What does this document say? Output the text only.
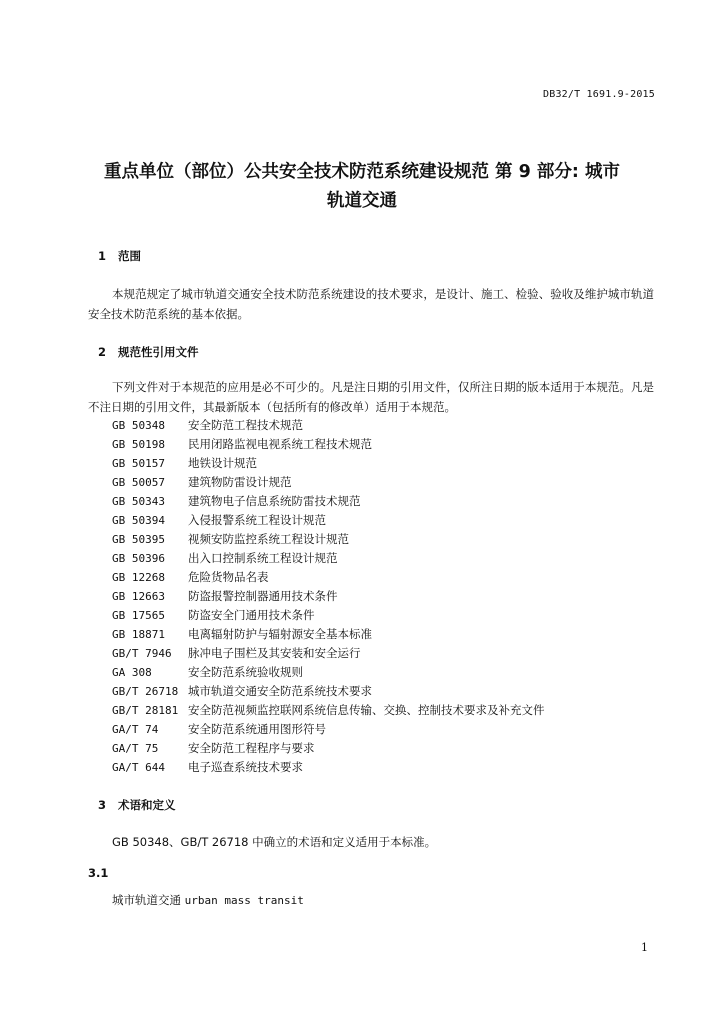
DB32/T 1691.9-2015
重点单位（部位）公共安全技术防范系统建设规范 第 9 部分: 城市
轨道交通
1 范围
本规范规定了城市轨道交通安全技术防范系统建设的技术要求，是设计、施工、检验、验收及维护城市轨道安全技术防范系统的基本依据。
2 规范性引用文件
下列文件对于本规范的应用是必不可少的。凡是注日期的引用文件，仅所注日期的版本适用于本规范。凡是不注日期的引用文件，其最新版本（包括所有的修改单）适用于本规范。
GB 50348 安全防范工程技术规范
GB 50198 民用闭路监视电视系统工程技术规范
GB 50157 地铁设计规范
GB 50057 建筑物防雷设计规范
GB 50343 建筑物电子信息系统防雷技术规范
GB 50394 入侵报警系统工程设计规范
GB 50395 视频安防监控系统工程设计规范
GB 50396 出入口控制系统工程设计规范
GB 12268 危险货物品名表
GB 12663 防盗报警控制器通用技术条件
GB 17565 防盗安全门通用技术条件
GB 18871 电离辐射防护与辐射源安全基本标准
GB/T 7946 脉冲电子围栏及其安装和安全运行
GA 308	安全防范系统验收规则
GB/T 26718 城市轨道交通安全防范系统技术要求
GB/T 28181 安全防范视频监控联网系统信息传输、交换、控制技术要求及补充文件
GA/T 74	安全防范系统通用图形符号
GA/T 75	安全防范工程程序与要求
GA/T 644 电子巡查系统技术要求
3 术语和定义
GB 50348、GB/T 26718 中确立的术语和定义适用于本标准。
3.1
城市轨道交通 urban mass transit
1
